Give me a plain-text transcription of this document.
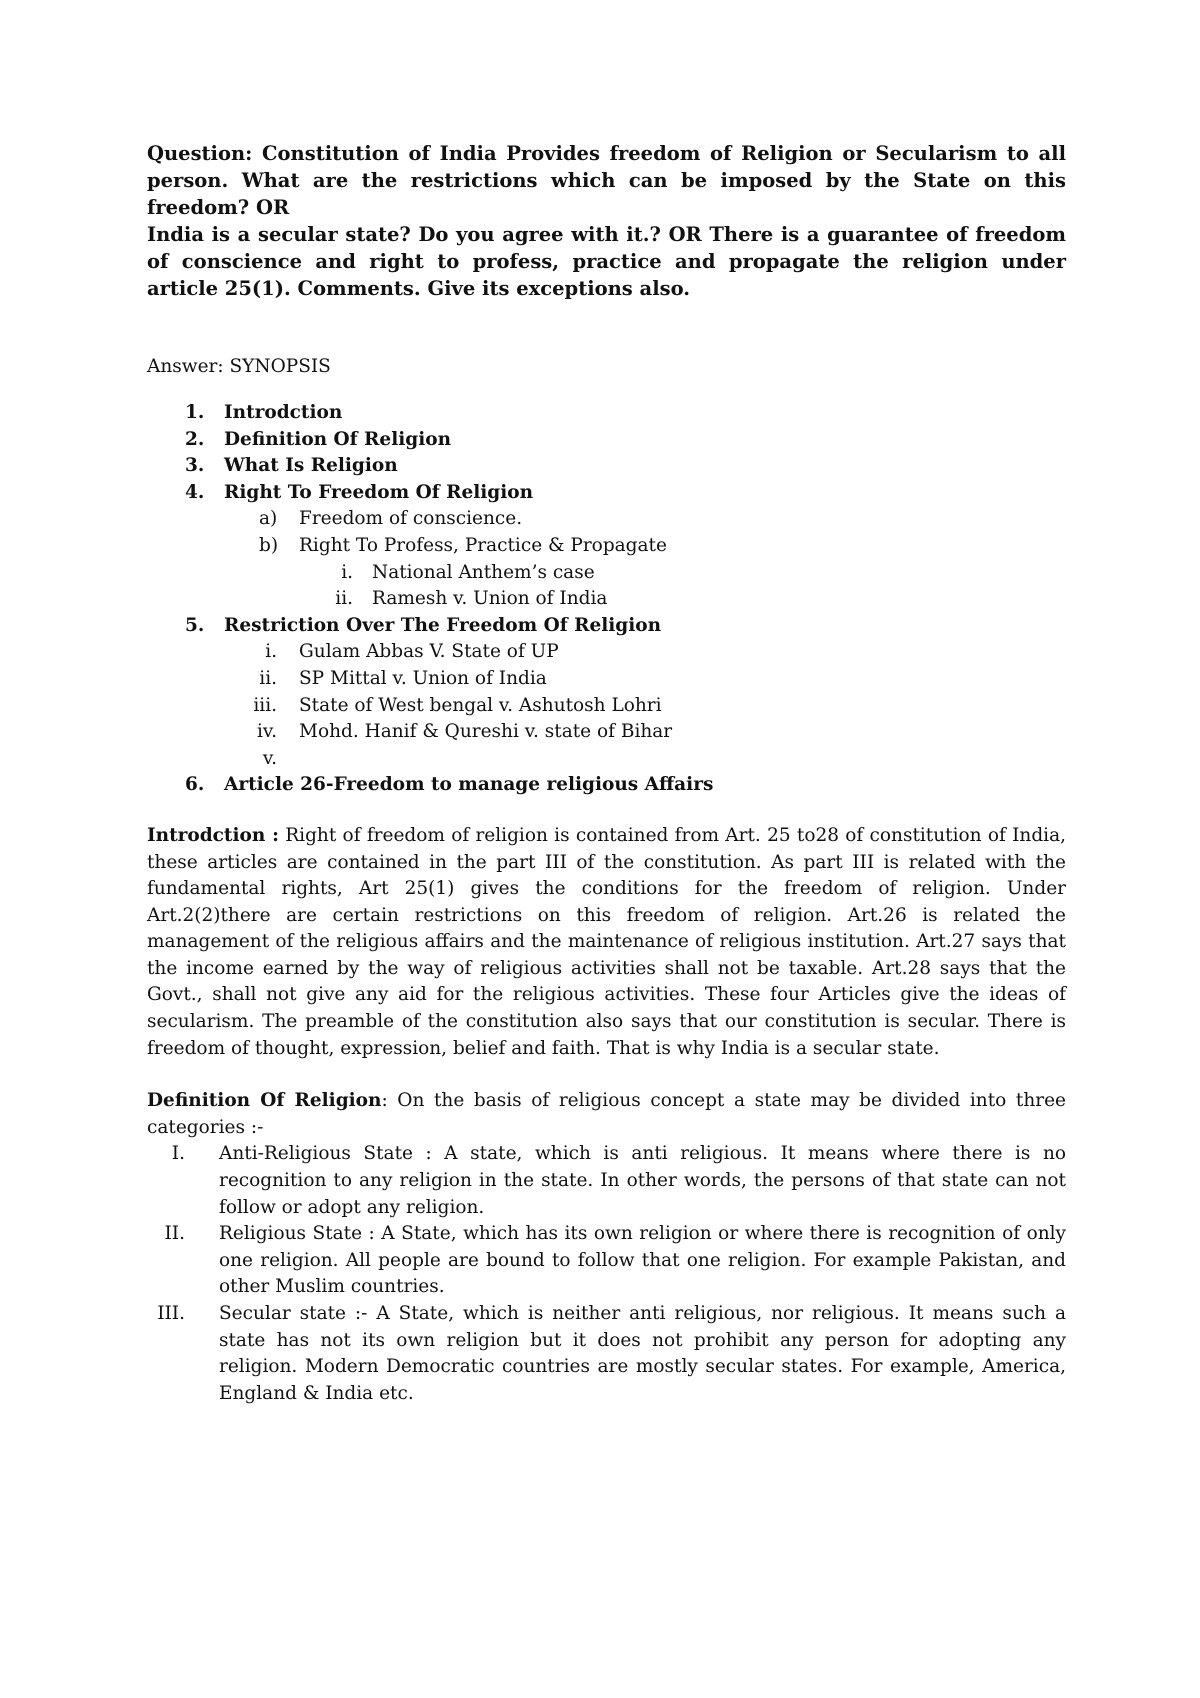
Question: Constitution of India Provides freedom of Religion or Secularism to all person. What are the restrictions which can be imposed by the State on this freedom? OR

India is a secular state? Do you agree with it.? OR There is a guarantee of freedom of conscience and right to profess, practice and propagate the religion under article 25(1). Comments. Give its exceptions also.

Answer: SYNOPSIS
1.	Introdction
2.	Definition Of Religion
3.	What Is Religion
4.	Right To Freedom Of Religion
a)	Freedom of conscience.
b)	Right To Profess, Practice & Propagate
i. National Anthem’s case
ii. Ramesh v. Union of India
5.	Restriction Over The Freedom Of Religion
i. Gulam Abbas V. State of UP
ii. SP Mittal v. Union of India
iii. State of West bengal v. Ashutosh Lohri
iv. Mohd. Hanif & Qureshi v. state of Bihar
v.

6.	Article 26-Freedom to manage religious Affairs

Introdction : Right of freedom of religion is contained from Art. 25 to28 of constitution of India, these articles are contained in the part III of the constitution. As part III is related with the fundamental rights, Art 25(1) gives the conditions for the freedom of religion. Under Art.2(2)there are certain restrictions on this freedom of religion. Art.26 is related the management of the religious affairs and the maintenance of religious institution. Art.27 says that the income earned by the way of religious activities shall not be taxable. Art.28 says that the Govt., shall not give any aid for the religious activities. These four Articles give the ideas of secularism. The preamble of the constitution also says that our constitution is secular. There is freedom of thought, expression, belief and faith. That is why India is a secular state.

Definition Of Religion: On the basis of religious concept a state may be divided into three categories :-

I. Anti-Religious State : A state, which is anti religious. It means where there is no recognition to any religion in the state. In other words, the persons of that state can not follow or adopt any religion.
II. Religious State : A State, which has its own religion or where there is recognition of only one religion. All people are bound to follow that one religion. For example Pakistan, and other Muslim countries.
III. Secular state :- A State, which is neither anti religious, nor religious. It means such a state has not its own religion but it does not prohibit any person for adopting any religion. Modern Democratic countries are mostly secular states. For example, America, England & India etc.
